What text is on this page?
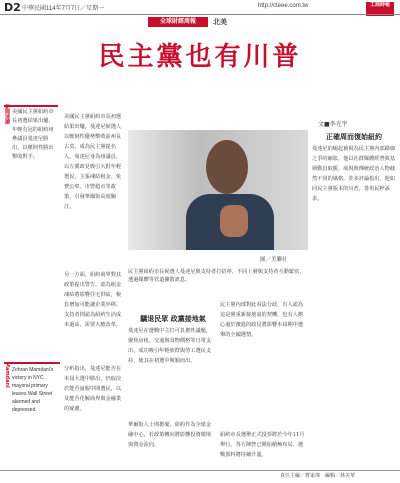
D2 中華民國114年7月7日／星期一	http://cteee.com.tw	工商時報
全球財經周報	北美
民主黨也有川普
新聞速讀 美國民主黨紐約市長初選結果出爐，年輕有冠的紐約州參議員曼達尼勝出，以壓倒性勝出擊敗對手。
文■李光宇
美國民主黨紐約市長初選結果出爐，曼達尼候選人以壓倒性優勢擊敗前州長古莫，成為民主黨提名人。曼達尼身為州議員，以左翼政見吸引大批年輕選民，主張凍結租金、免費公車、市營超市等政策，引發華爾街高度關注。
正確周而復始紐約
曼達尼的崛起被視為民主黨內部路線之爭的縮影，他以社群媒體經營與基層動員取勝，展現與傳統政治人物截然不同的風格。許多評論指出，他如同民主黨版本的川普，善用民粹訴求。
圖／美聯社
民主黨紐約市長候選人曼達尼與支持者打招呼，不同上層與支持者互動緊密，透過媒體等管道擴散訊息。
另一方面，紐約商界對其政策提出警告，認為租金凍結將影響住宅供給，稅負增加可能讓企業外移。支持者則認為紐約生活成本過高，需要大膽改革。
驕退民眾 政黨接地氣
曼達尼在選戰中主打可負擔性議題，聚焦房租、交通與食物價格等日常支出，成功吸引年輕族群與勞工選民支持，使其在初選中脫穎而出。
民主黨內部對此看法分歧，有人認為這是黨重新接地氣的契機，也有人擔心過於激進的政見將影響本屆期中選舉的全國選情。
分析指出，曼達尼能否在本屆大選中勝出，仍取決於能否說服中間選民，以及能否化解商界與金融業的疑慮。
華爾街人士則擔憂，紐約作為全球金融中心，若政策轉向將影響投資環境與資金流向。
紐約市長選舉正式投票將於今年11月舉行，各方陣營已開始積極布局，選戰預料將持續升溫。
Mamdani Zohran Mamdani's victory in NYC mayoral primary leaves Wall Street alarmed and depressed.
責任主編／曹家瑋　編輯／林美華
